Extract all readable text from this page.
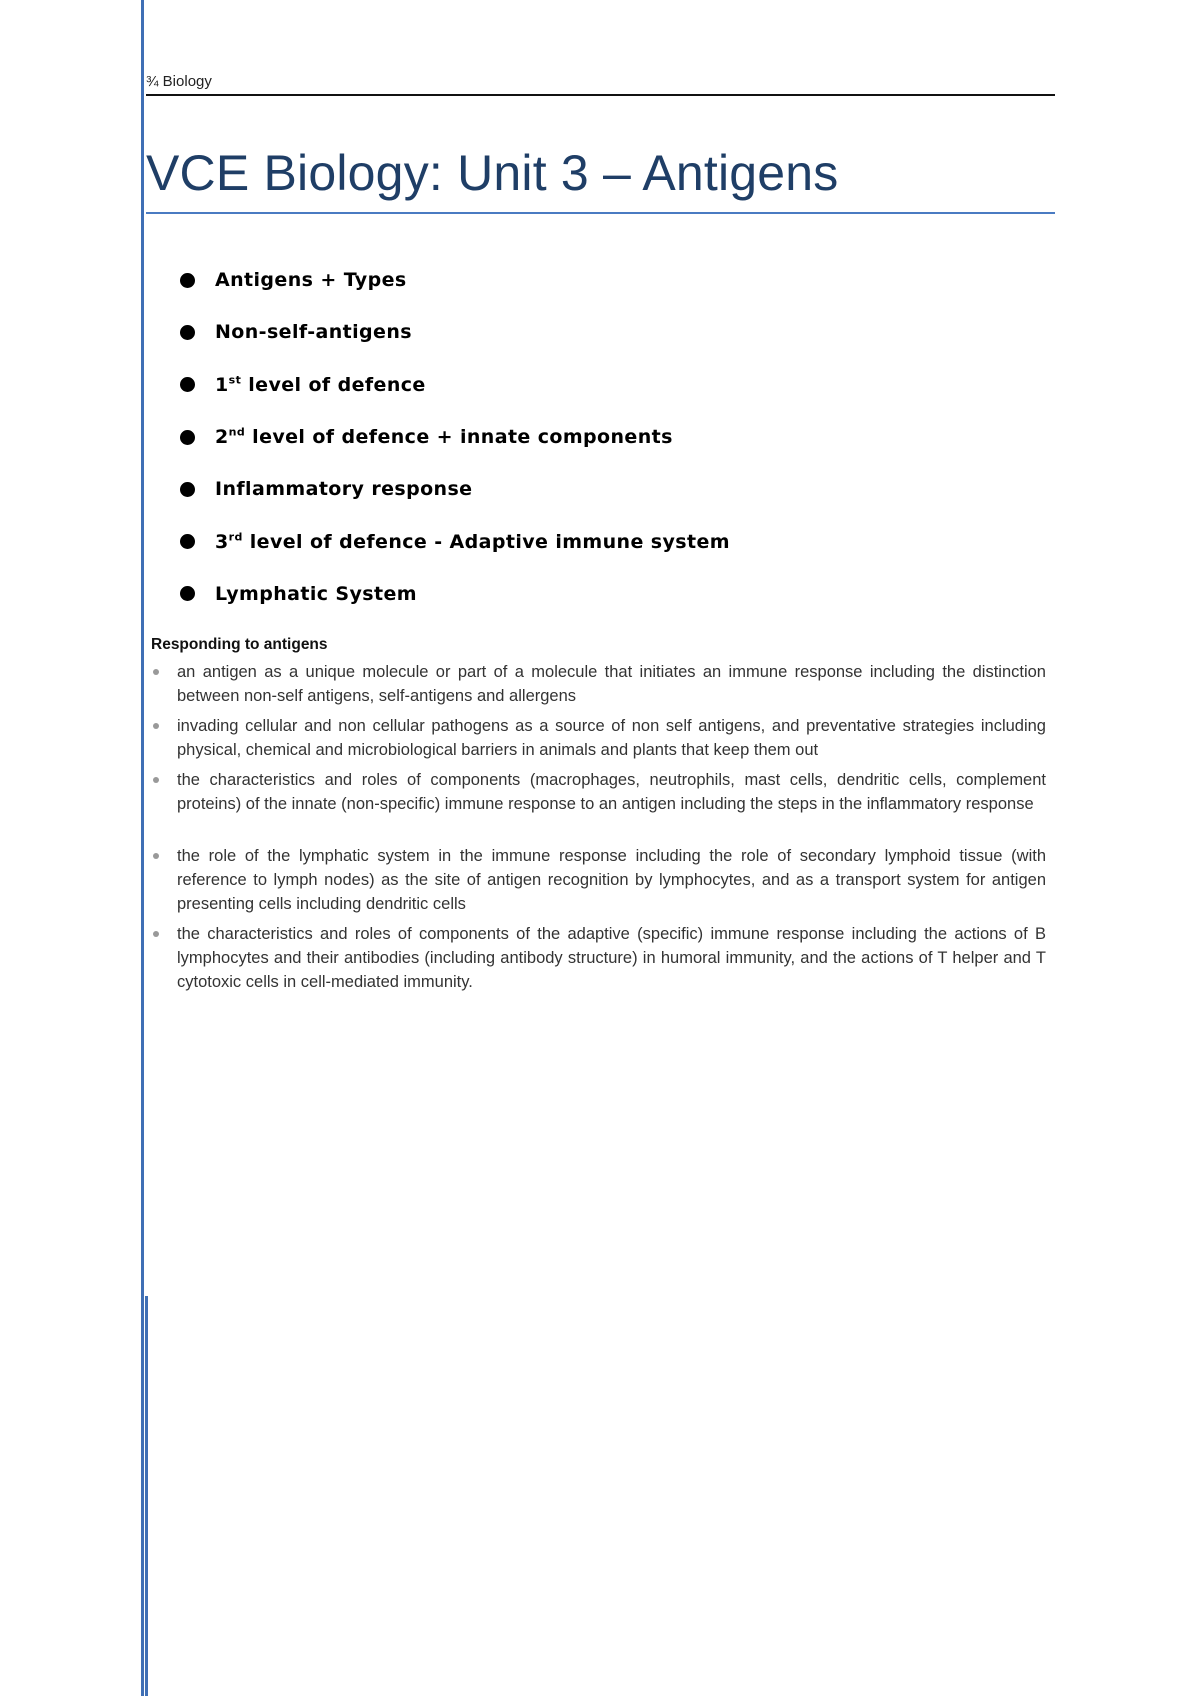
¾ Biology
VCE Biology: Unit 3 – Antigens
Antigens + Types
Non-self-antigens
1st level of defence
2nd level of defence + innate components
Inflammatory response
3rd level of defence - Adaptive immune system
Lymphatic System

Responding to antigens

an antigen as a unique molecule or part of a molecule that initiates an immune response including the distinction between non-self antigens, self-antigens and allergens
invading cellular and non cellular pathogens as a source of non self antigens, and preventative strategies including physical, chemical and microbiological barriers in animals and plants that keep them out
the characteristics and roles of components (macrophages, neutrophils, mast cells, dendritic cells, complement proteins) of the innate (non-specific) immune response to an antigen including the steps in the inflammatory response
the role of the lymphatic system in the immune response including the role of secondary lymphoid tissue (with reference to lymph nodes) as the site of antigen recognition by lymphocytes, and as a transport system for antigen presenting cells including dendritic cells
the characteristics and roles of components of the adaptive (specific) immune response including the actions of B lymphocytes and their antibodies (including antibody structure) in humoral immunity, and the actions of T helper and T cytotoxic cells in cell-mediated immunity.
